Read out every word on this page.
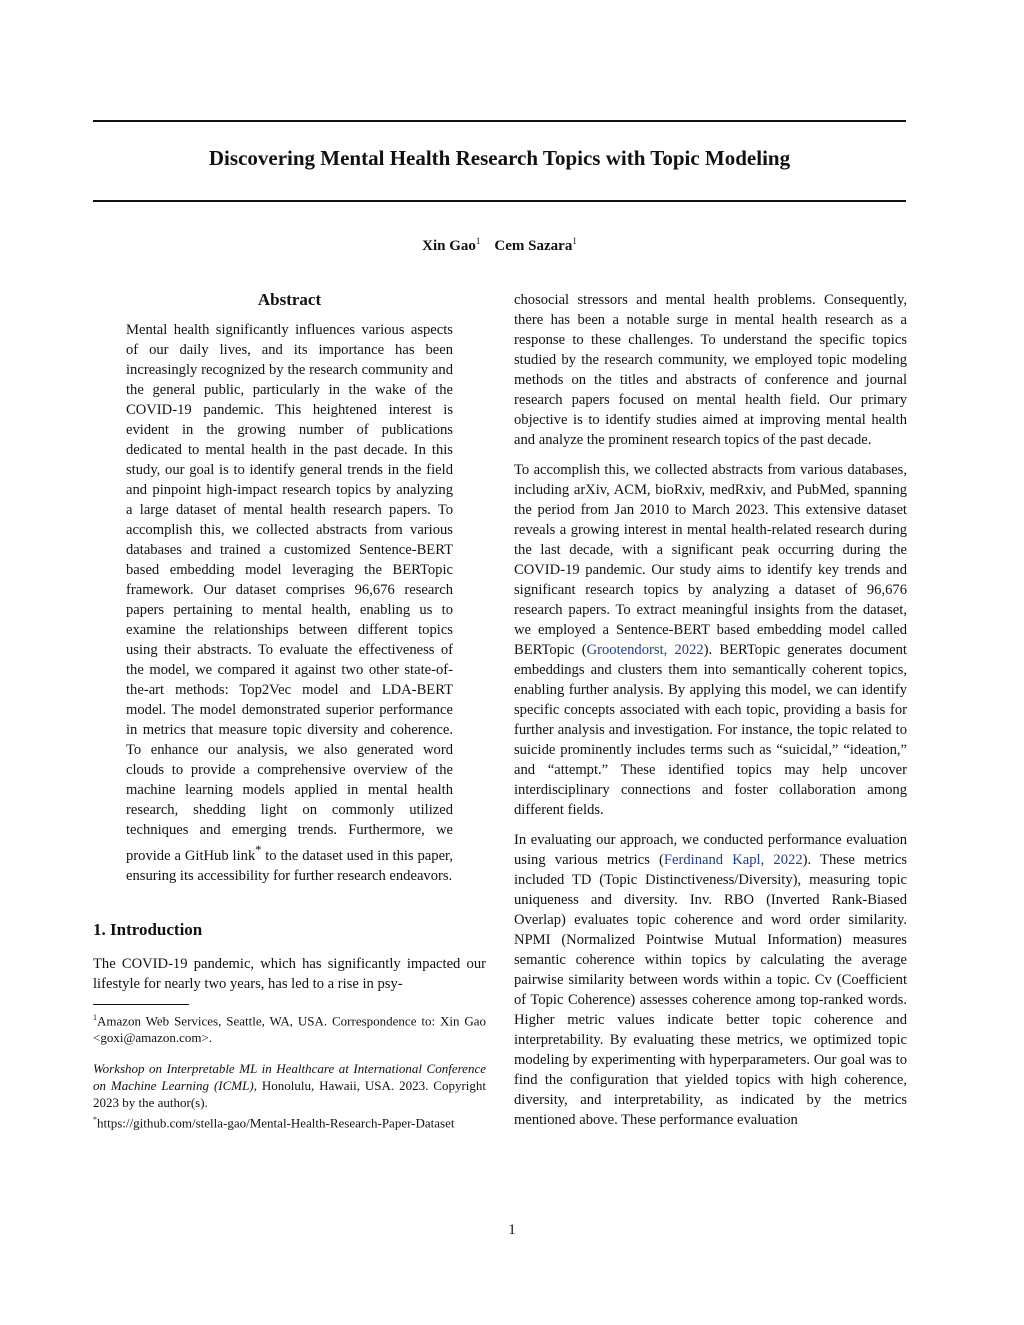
Discovering Mental Health Research Topics with Topic Modeling
Xin Gao$^1$ Cem Sazara$^1$
Abstract

Mental health significantly influences various aspects of our daily lives, and its importance has been increasingly recognized by the research community and the general public, particularly in the wake of the COVID-19 pandemic. This heightened interest is evident in the growing number of publications dedicated to mental health in the past decade. In this study, our goal is to identify general trends in the field and pinpoint high-impact research topics by analyzing a large dataset of mental health research papers. To accomplish this, we collected abstracts from various databases and trained a customized Sentence-BERT based embedding model leveraging the BERTopic framework. Our dataset comprises 96,676 research papers pertaining to mental health, enabling us to examine the relationships between different topics using their abstracts. To evaluate the effectiveness of the model, we compared it against two other state-of-the-art methods: Top2Vec model and LDA-BERT model. The model demonstrated superior performance in metrics that measure topic diversity and coherence. To enhance our analysis, we also generated word clouds to provide a comprehensive overview of the machine learning models applied in mental health research, shedding light on commonly utilized techniques and emerging trends. Furthermore, we provide a GitHub link* to the dataset used in this paper, ensuring its accessibility for further research endeavors.

1. Introduction

The COVID-19 pandemic, which has significantly impacted our lifestyle for nearly two years, has led to a rise in psy-

$^1$Amazon Web Services, Seattle, WA, USA. Correspondence to: Xin Gao <goxi@amazon.com>.

Workshop on Interpretable ML in Healthcare at International Conference on Machine Learning (ICML), Honolulu, Hawaii, USA. 2023. Copyright 2023 by the author(s).
*https://github.com/stella-gao/Mental-Health-Research-Paper-Dataset

chosocial stressors and mental health problems. Consequently, there has been a notable surge in mental health research as a response to these challenges. To understand the specific topics studied by the research community, we employed topic modeling methods on the titles and abstracts of conference and journal research papers focused on mental health field. Our primary objective is to identify studies aimed at improving mental health and analyze the prominent research topics of the past decade.

To accomplish this, we collected abstracts from various databases, including arXiv, ACM, bioRxiv, medRxiv, and PubMed, spanning the period from Jan 2010 to March 2023. This extensive dataset reveals a growing interest in mental health-related research during the last decade, with a significant peak occurring during the COVID-19 pandemic. Our study aims to identify key trends and significant research topics by analyzing a dataset of 96,676 research papers. To extract meaningful insights from the dataset, we employed a Sentence-BERT based embedding model called BERTopic (Grootendorst, 2022). BERTopic generates document embeddings and clusters them into semantically coherent topics, enabling further analysis. By applying this model, we can identify specific concepts associated with each topic, providing a basis for further analysis and investigation. For instance, the topic related to suicide prominently includes terms such as “suicidal,” “ideation,” and “attempt.” These identified topics may help uncover interdisciplinary connections and foster collaboration among different fields.

In evaluating our approach, we conducted performance evaluation using various metrics (Ferdinand Kapl, 2022). These metrics included TD (Topic Distinctiveness/Diversity), measuring topic uniqueness and diversity. Inv. RBO (Inverted Rank-Biased Overlap) evaluates topic coherence and word order similarity. NPMI (Normalized Pointwise Mutual Information) measures semantic coherence within topics by calculating the average pairwise similarity between words within a topic. Cv (Coefficient of Topic Coherence) assesses coherence among top-ranked words. Higher metric values indicate better topic coherence and interpretability. By evaluating these metrics, we optimized topic modeling by experimenting with hyperparameters. Our goal was to find the configuration that yielded topics with high coherence, diversity, and interpretability, as indicated by the metrics mentioned above. These performance evaluation

1
